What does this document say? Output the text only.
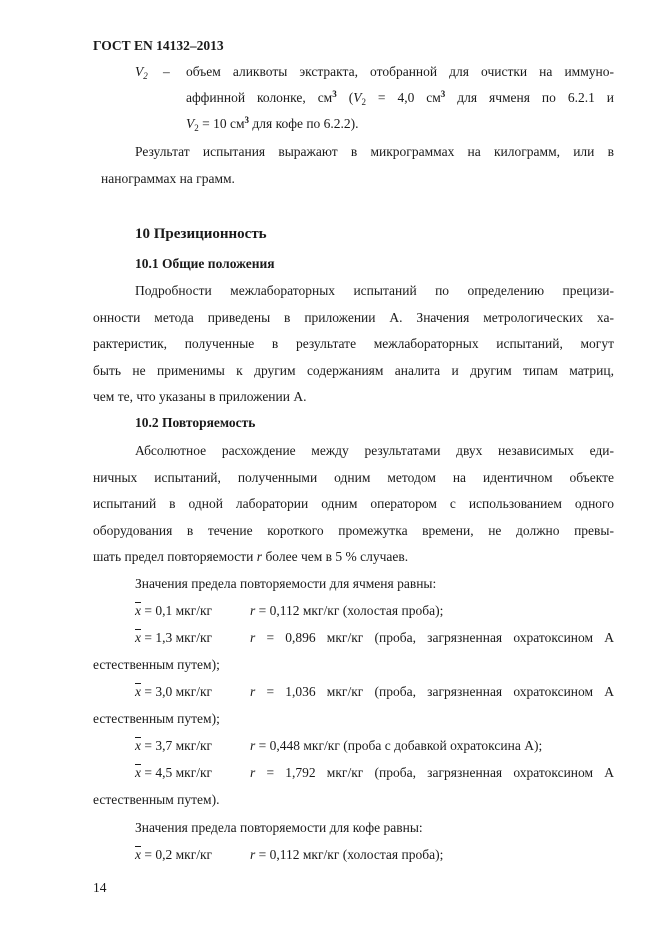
ГОСТ EN 14132–2013
$V_2$ – объем аликвоты экстракта, отобранной для очистки на иммуно-
аффинной колонке, $см^3$ ($V_2 = 4,0$ $см^3$ для ячменя по 6.2.1 и
$V_2 = 10$ $см^3$ для кофе по 6.2.2).
Результат испытания выражают в микрограммах на килограмм, или в
нанограммах на грамм.
10 Презиционность
10.1 Общие положения
Подробности межлабораторных испытаний по определению прецизи-
онности метода приведены в приложении А. Значения метрологических ха-
рактеристик, полученные в результате межлабораторных испытаний, могут
быть не применимы к другим содержаниям аналита и другим типам матриц,
чем те, что указаны в приложении А.
10.2 Повторяемость
Абсолютное расхождение между результатами двух независимых еди-
ничных испытаний, полученными одним методом на идентичном объекте
испытаний в одной лаборатории одним оператором с использованием одного
оборудования в течение короткого промежутка времени, не должно превы-
шать предел повторяемости r более чем в 5 % случаев.
Значения предела повторяемости для ячменя равны:
$\overline{x} = 0,1$ мкг/кг	r = 0,112 мкг/кг (холостая проба);
$\overline{x} = 1,3$ мкг/кг	r = 0,896 мкг/кг (проба, загрязненная охратоксином А
естественным путем);
$\overline{x} = 3,0$ мкг/кг	r = 1,036 мкг/кг (проба, загрязненная охратоксином А
естественным путем);
$\overline{x} = 3,7$ мкг/кг	r = 0,448 мкг/кг (проба с добавкой охратоксина А);
$\overline{x} = 4,5$ мкг/кг	r = 1,792 мкг/кг (проба, загрязненная охратоксином А
естественным путем).
Значения предела повторяемости для кофе равны:
$\overline{x} = 0,2$ мкг/кг	r = 0,112 мкг/кг (холостая проба);
14
